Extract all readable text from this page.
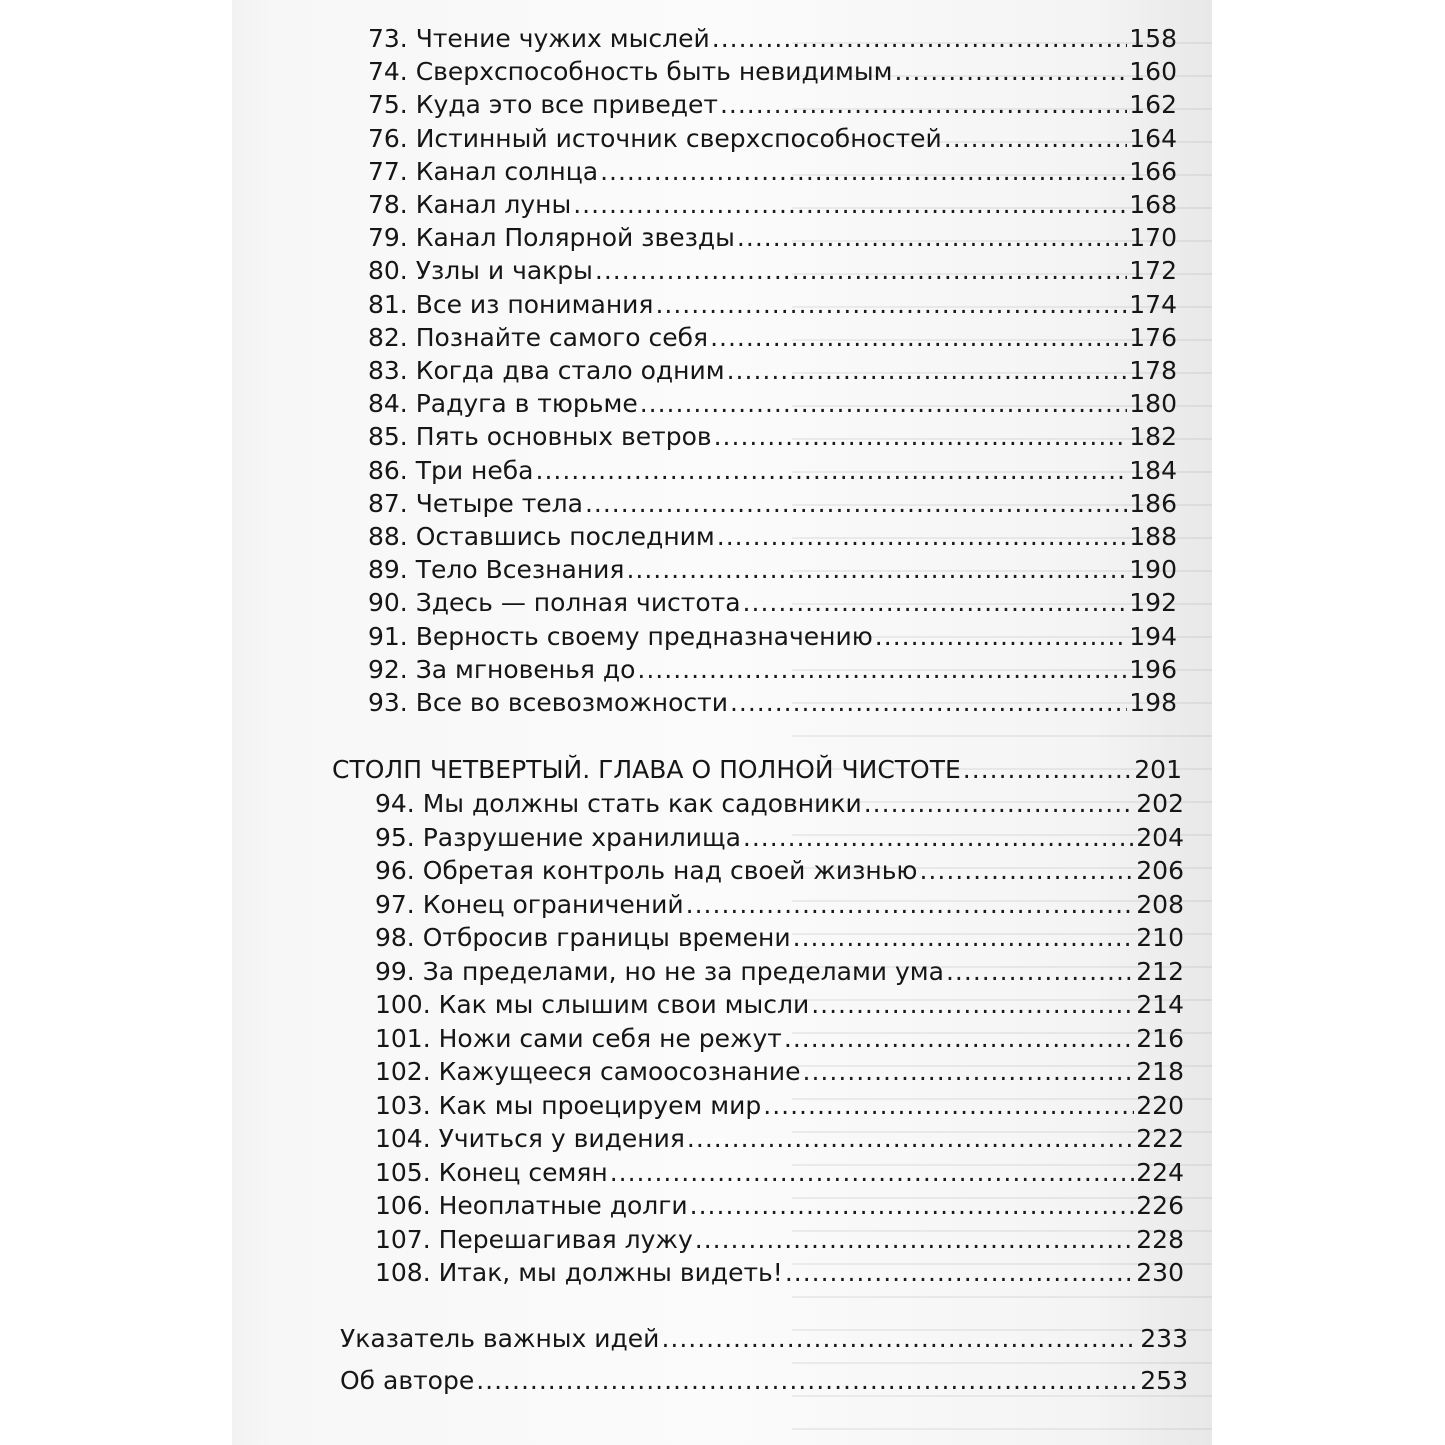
73. Чтение чужих мыслей .....	158
74. Сверхспособность быть невидимым .....	160
75. Куда это все приведет .....	162
76. Истинный источник сверхспособностей .....	164
77. Канал солнца .....	166
78. Канал луны .....	168
79. Канал Полярной звезды .....	170
80. Узлы и чакры .....	172
81. Все из понимания .....	174
82. Познайте самого себя .....	176
83. Когда два стало одним .....	178
84. Радуга в тюрьме .....	180
85. Пять основных ветров .....	182
86. Три неба .....	184
87. Четыре тела .....	186
88. Оставшись последним .....	188
89. Тело Всезнания .....	190
90. Здесь — полная чистота .....	192
91. Верность своему предназначению .....	194
92. За мгновенья до .....	196
93. Все во всевозможности .....	198
СТОЛП ЧЕТВЕРТЫЙ. ГЛАВА О ПОЛНОЙ ЧИСТОТЕ .....	201
94. Мы должны стать как садовники .....	202
95. Разрушение хранилища .....	204
96. Обретая контроль над своей жизнью .....	206
97. Конец ограничений .....	208
98. Отбросив границы времени .....	210
99. За пределами, но не за пределами ума .....	212
100. Как мы слышим свои мысли .....	214
101. Ножи сами себя не режут .....	216
102. Кажущееся самоосознание .....	218
103. Как мы проецируем мир .....	220
104. Учиться у видения .....	222
105. Конец семян .....	224
106. Неоплатные долги .....	226
107. Перешагивая лужу .....	228
108. Итак, мы должны видеть! .....	230
Указатель важных идей .....	233
Об авторе .....	253
